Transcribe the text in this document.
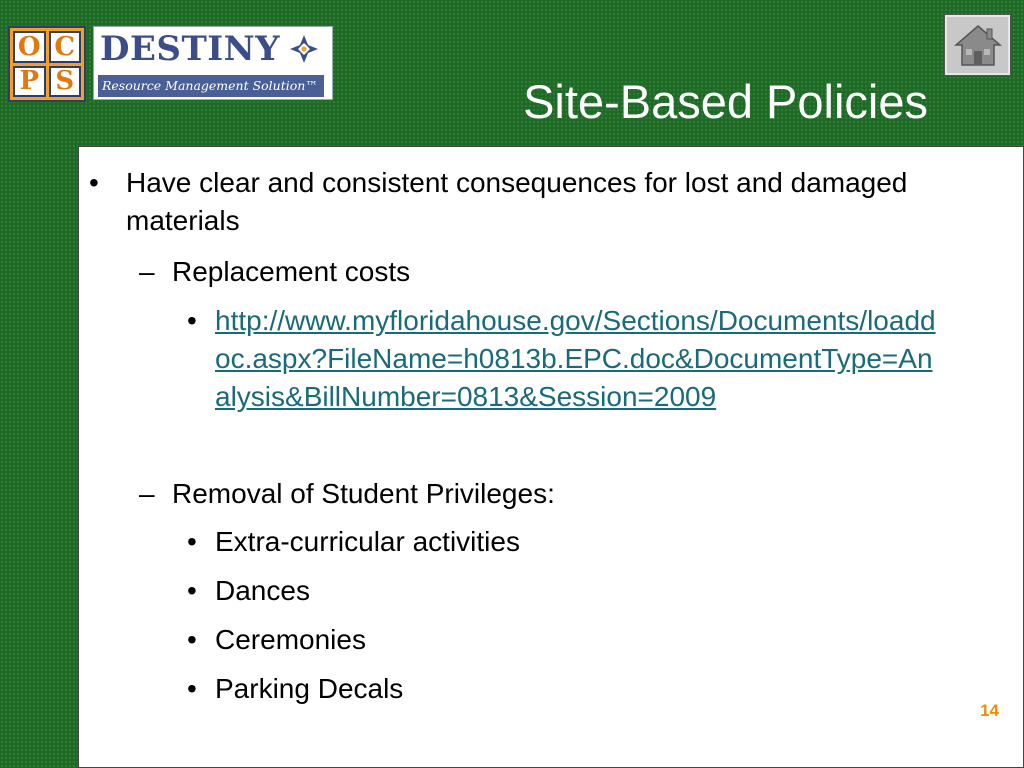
O C
P S
DESTINY
Resource Management Solution™	Site-Based Policies
• Have clear and consistent consequences for lost and damaged materials
– Replacement costs
• http://www.myfloridahouse.gov/Sections/Documents/loaddoc.aspx?FileName=h0813b.EPC.doc&DocumentType=Analysis&BillNumber=0813&Session=2009
– Removal of Student Privileges:
• Extra-curricular activities
• Dances
• Ceremonies
• Parking Decals
14
